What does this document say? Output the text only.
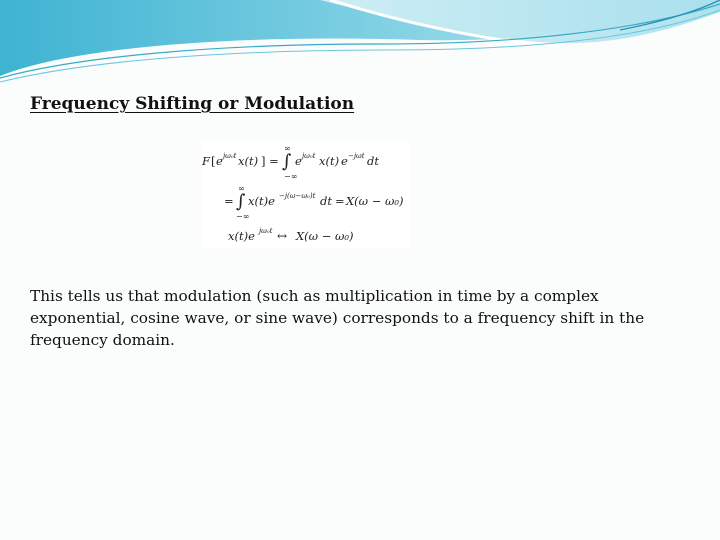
Frequency Shifting or Modulation
F [ e jω₀t x(t) ] =
∞
∫
−∞
e jω₀t x(t) e −jωt dt
=
∞
∫
−∞
x(t)e −j(ω−ω₀)t dt = X(ω − ω₀)
x(t)e jω₀t ↔ X(ω − ω₀)

This tells us that modulation (such as multiplication in time by a complex exponential, cosine wave, or sine wave) corresponds to a frequency shift in the frequency domain.
